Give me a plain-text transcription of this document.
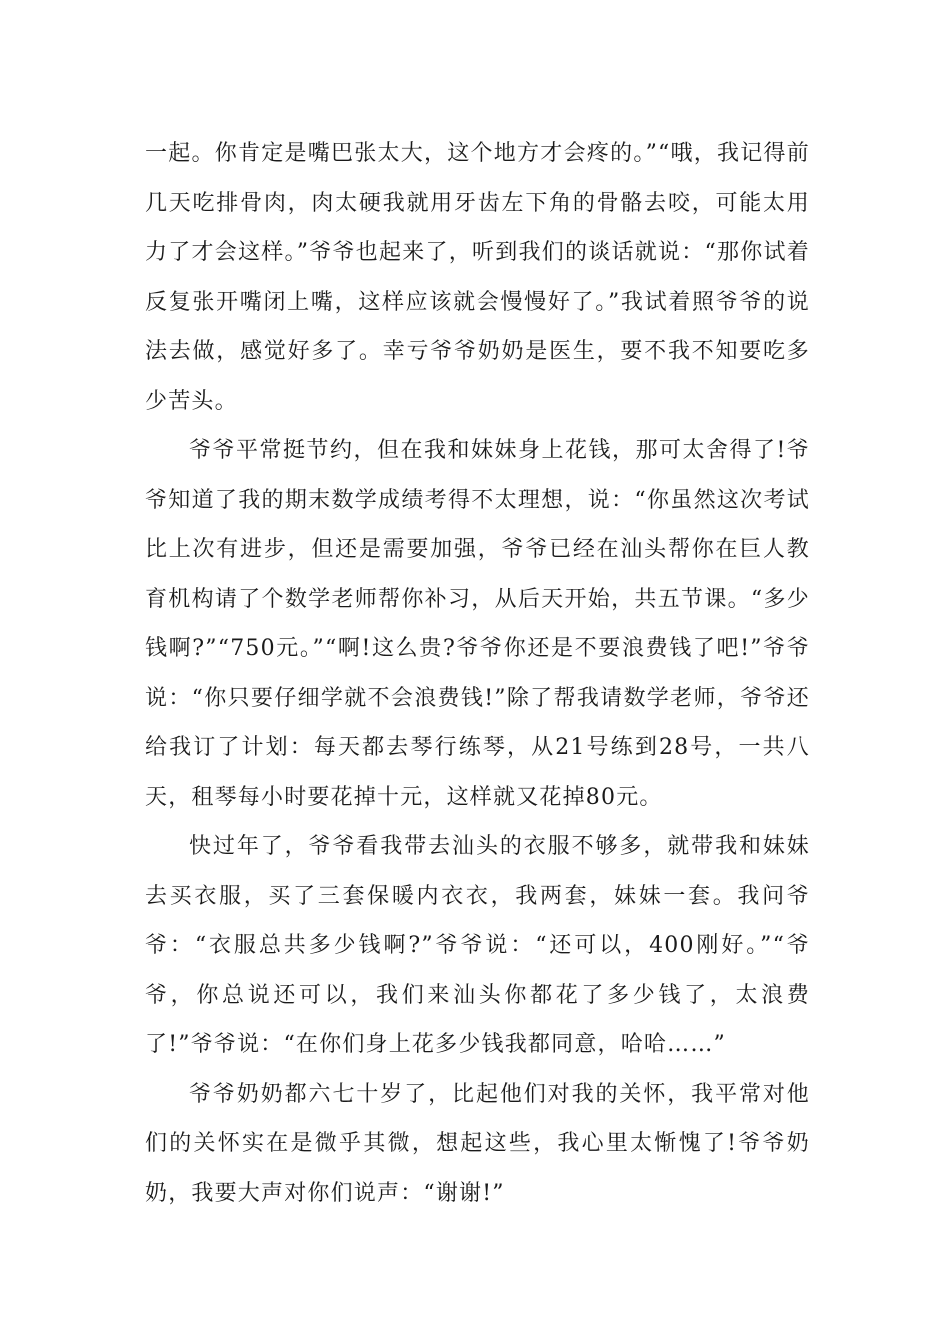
一起。你肯定是嘴巴张太大，这个地方才会疼的。”“哦，我记得前几天吃排骨肉，肉太硬我就用牙齿左下角的骨骼去咬，可能太用力了才会这样。”爷爷也起来了，听到我们的谈话就说：“那你试着反复张开嘴闭上嘴，这样应该就会慢慢好了。”我试着照爷爷的说法去做，感觉好多了。幸亏爷爷奶奶是医生，要不我不知要吃多少苦头。

爷爷平常挺节约，但在我和妹妹身上花钱，那可太舍得了!爷爷知道了我的期末数学成绩考得不太理想，说：“你虽然这次考试比上次有进步，但还是需要加强，爷爷已经在汕头帮你在巨人教育机构请了个数学老师帮你补习，从后天开始，共五节课。“多少钱啊?”“750元。”“啊!这么贵?爷爷你还是不要浪费钱了吧!”爷爷说：“你只要仔细学就不会浪费钱!”除了帮我请数学老师，爷爷还给我订了计划：每天都去琴行练琴，从21号练到28号，一共八天，租琴每小时要花掉十元，这样就又花掉80元。

快过年了，爷爷看我带去汕头的衣服不够多，就带我和妹妹去买衣服，买了三套保暖内衣衣，我两套，妹妹一套。我问爷爷：“衣服总共多少钱啊?”爷爷说：“还可以，400刚好。”“爷爷，你总说还可以，我们来汕头你都花了多少钱了，太浪费了!”爷爷说：“在你们身上花多少钱我都同意，哈哈……”

爷爷奶奶都六七十岁了，比起他们对我的关怀，我平常对他们的关怀实在是微乎其微，想起这些，我心里太惭愧了!爷爷奶奶，我要大声对你们说声：“谢谢!”
